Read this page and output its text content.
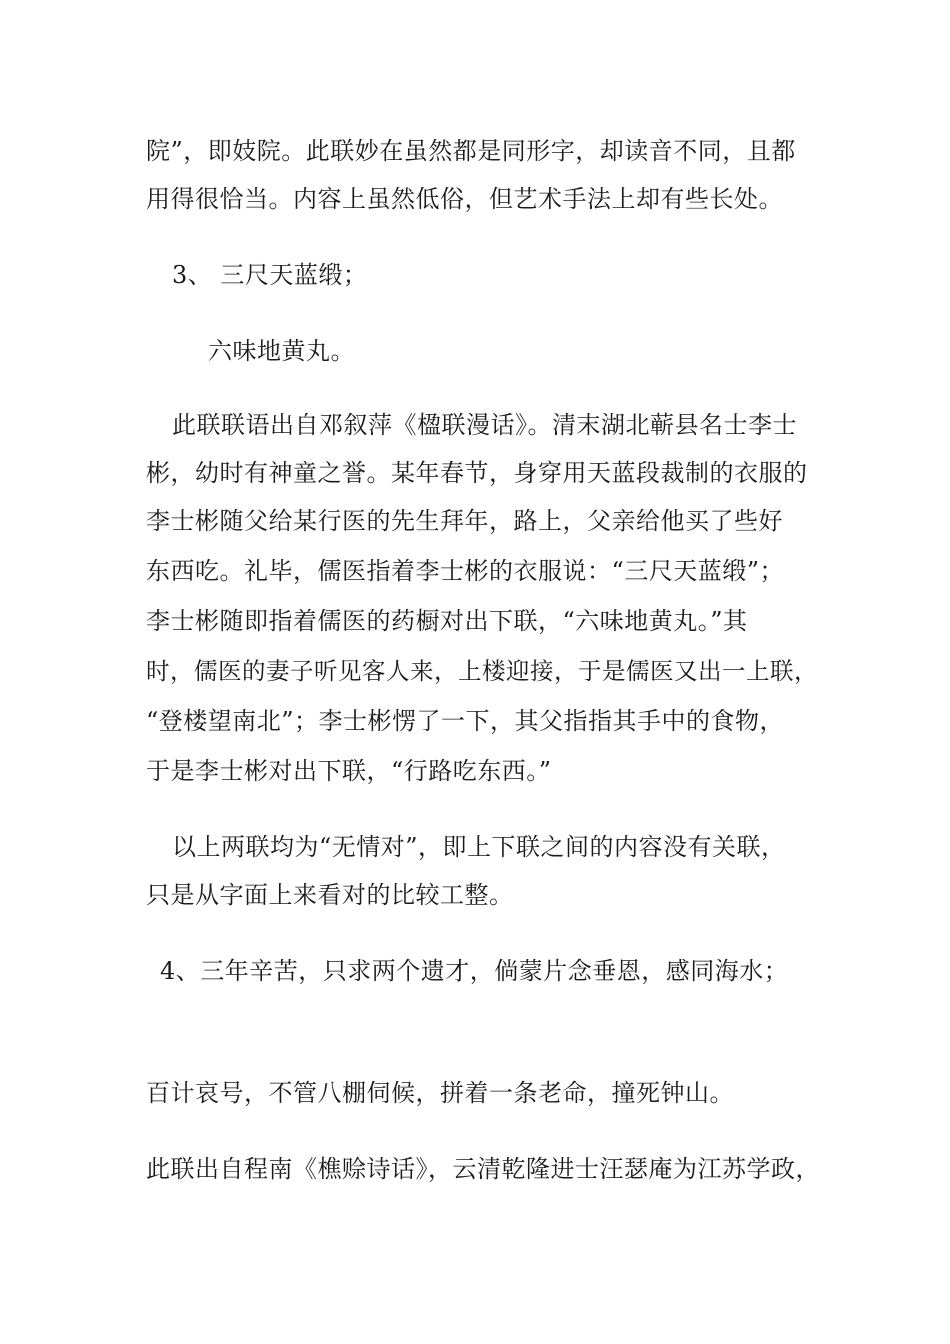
院”，即妓院。此联妙在虽然都是同形字，却读音不同，且都
用得很恰当。内容上虽然低俗，但艺术手法上却有些长处。
3、 三尺天蓝缎；
六味地黄丸。
此联联语出自邓叙萍《楹联漫话》。清末湖北蕲县名士李士
彬，幼时有神童之誉。某年春节，身穿用天蓝段裁制的衣服的
李士彬随父给某行医的先生拜年，路上，父亲给他买了些好
东西吃。礼毕，儒医指着李士彬的衣服说：“三尺天蓝缎”；
李士彬随即指着儒医的药橱对出下联，“六味地黄丸。”其
时，儒医的妻子听见客人来，上楼迎接，于是儒医又出一上联，
“登楼望南北”；李士彬愣了一下，其父指指其手中的食物，
于是李士彬对出下联，“行路吃东西。”
以上两联均为“无情对”，即上下联之间的内容没有关联，
只是从字面上来看对的比较工整。
4、三年辛苦，只求两个遗才，倘蒙片念垂恩，感同海水；
百计哀号，不管八棚伺候，拼着一条老命，撞死钟山。
此联出自程南《樵赊诗话》，云清乾隆进士汪瑟庵为江苏学政，
